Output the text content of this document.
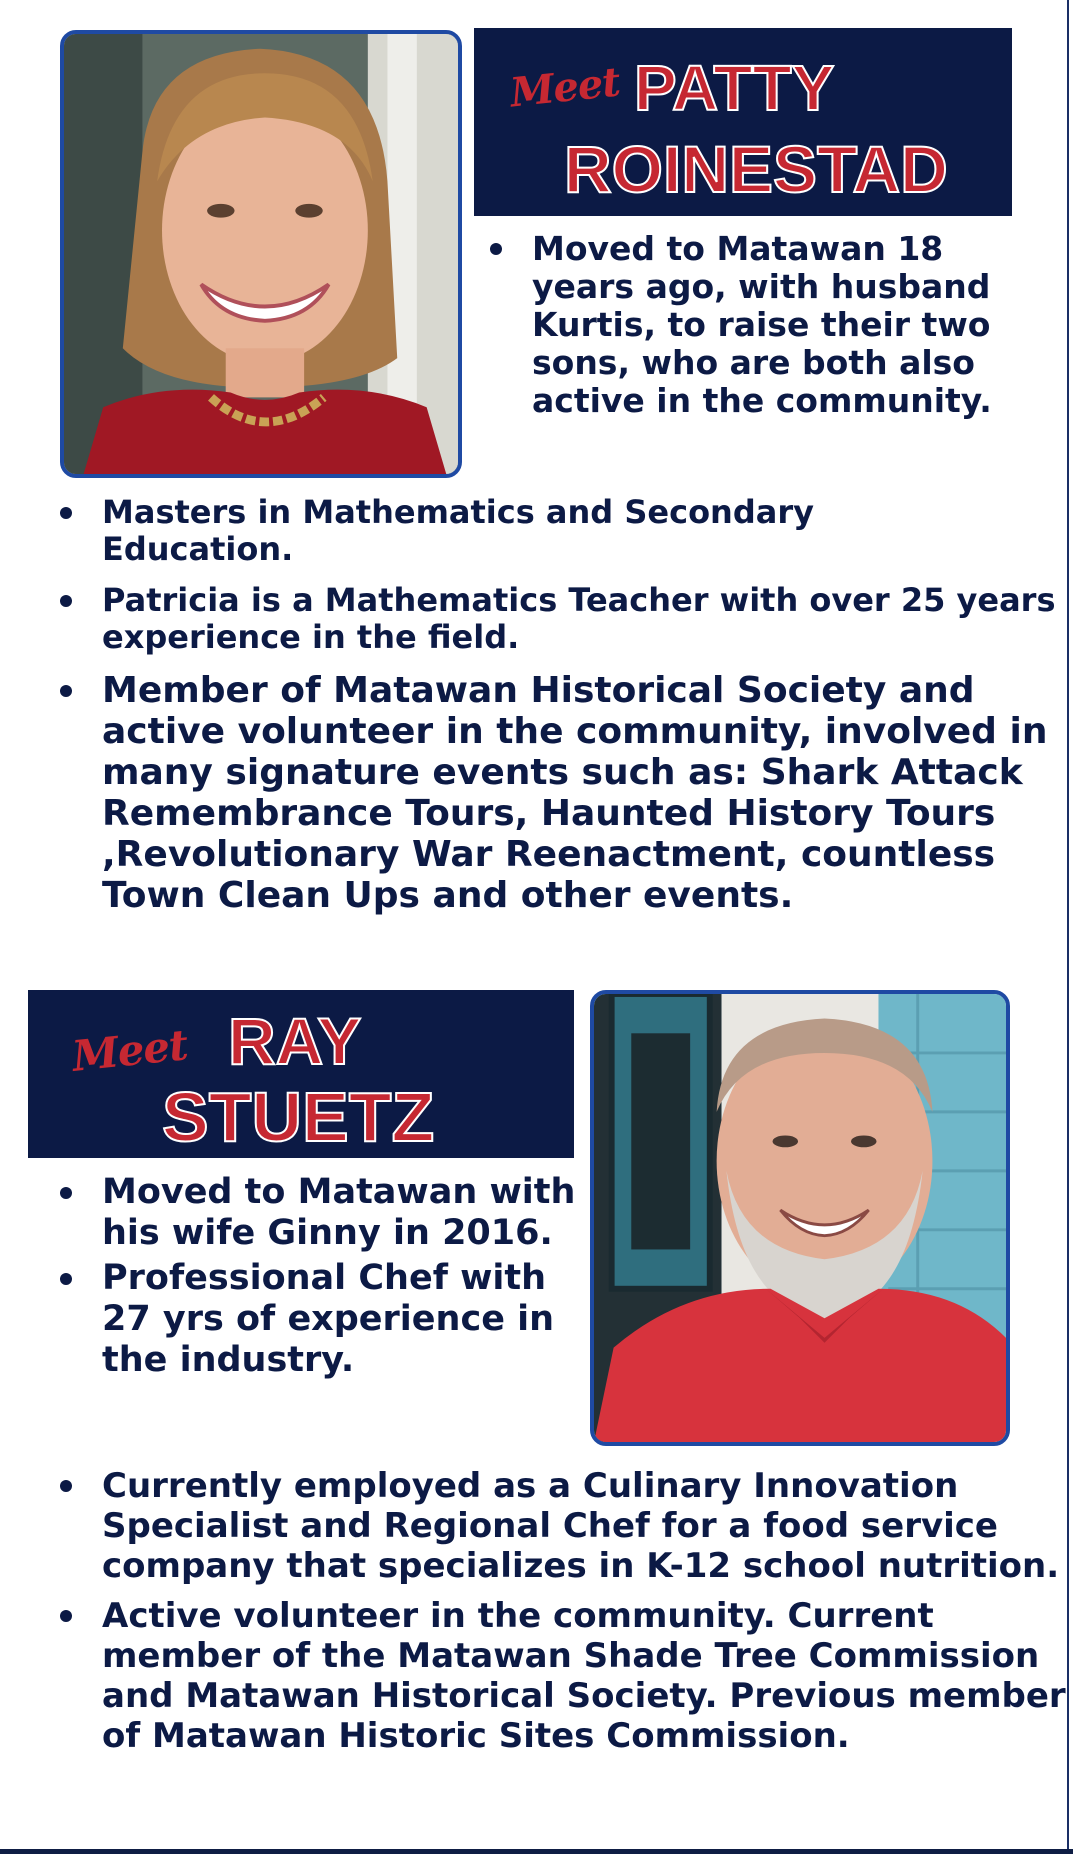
Meet PATTY
ROINESTAD
Moved to Matawan 18 years ago, with husband Kurtis, to raise their two sons, who are both also active in the community.
Masters in Mathematics and Secondary Education.
Patricia is a Mathematics Teacher with over 25 years experience in the field.
Member of Matawan Historical Society and active volunteer in the community, involved in many signature events such as: Shark Attack Remembrance Tours, Haunted History Tours ,Revolutionary War Reenactment, countless Town Clean Ups and other events.
Meet RAY
STUETZ
Moved to Matawan with his wife Ginny in 2016.
Professional Chef with 27 yrs of experience in the industry.
Currently employed as a Culinary Innovation Specialist and Regional Chef for a food service company that specializes in K-12 school nutrition.
Active volunteer in the community. Current member of the Matawan Shade Tree Commission and Matawan Historical Society. Previous member of Matawan Historic Sites Commission.
